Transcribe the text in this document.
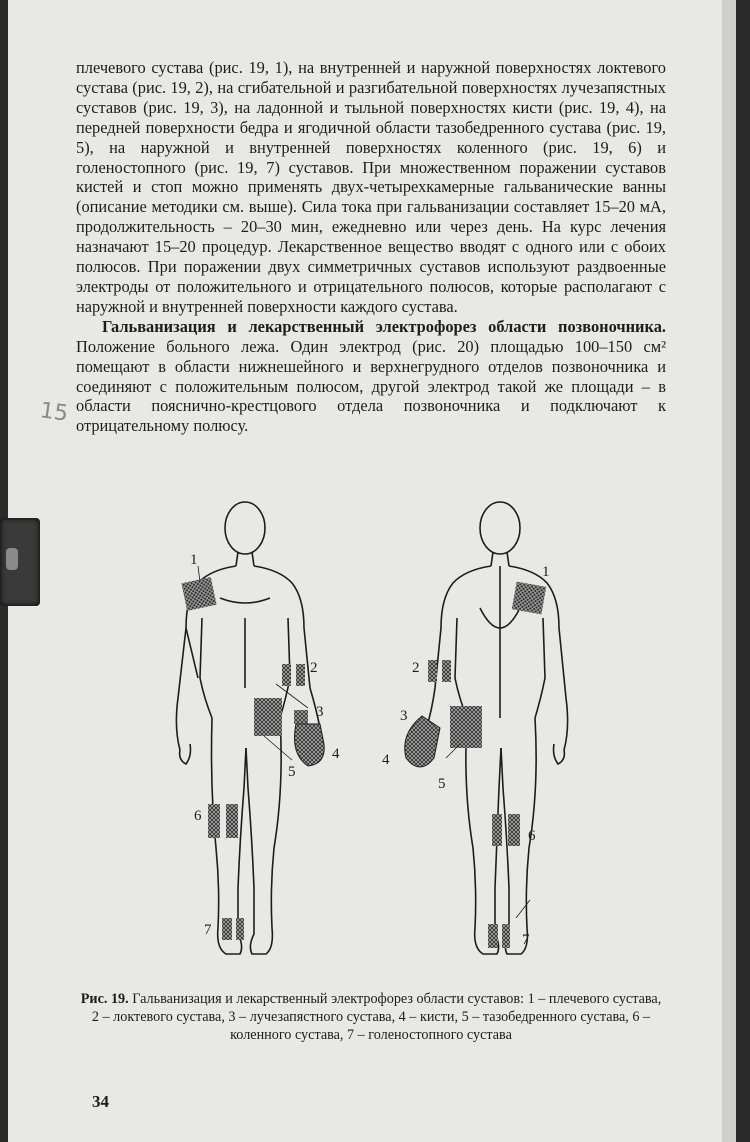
15

плечевого сустава (рис. 19, 1), на внутренней и наружной поверхностях локтевого сустава (рис. 19, 2), на сгибательной и разгибательной поверхностях лучезапястных суставов (рис. 19, 3), на ладонной и тыльной поверхностях кисти (рис. 19, 4), на передней поверхности бедра и ягодичной области тазобедренного сустава (рис. 19, 5), на наружной и внутренней поверхностях коленного (рис. 19, 6) и голеностопного (рис. 19, 7) суставов. При множественном поражении суставов кистей и стоп можно применять двух-четырехкамерные гальванические ванны (описание методики см. выше). Сила тока при гальванизации составляет 15–20 мА, продолжительность – 20–30 мин, ежедневно или через день. На курс лечения назначают 15–20 процедур. Лекарственное вещество вводят с одного или с обоих полюсов. При поражении двух симметричных суставов используют раздвоенные электроды от положительного и отрицательного полюсов, которые располагают с наружной и внутренней поверхности каждого сустава.

Гальванизация и лекарственный электрофорез области позвоночника. Положение больного лежа. Один электрод (рис. 20) площадью 100–150 см² помещают в области нижнешейного и верхнегрудного отделов позвоночника и соединяют с положительным полюсом, другой электрод такой же площади – в области пояснично-крестцового отдела позвоночника и подключают к отрицательному полюсу.

1
2
3
4
5
6
7
1
2
3
4
5
6
7
Рис. 19. Гальванизация и лекарственный электрофорез области суставов: 1 – плечевого сустава, 2 – локтевого сустава, 3 – лучезапястного сустава, 4 – кисти, 5 – тазобедренного сустава, 6 – коленного сустава, 7 – голеностопного сустава
34
